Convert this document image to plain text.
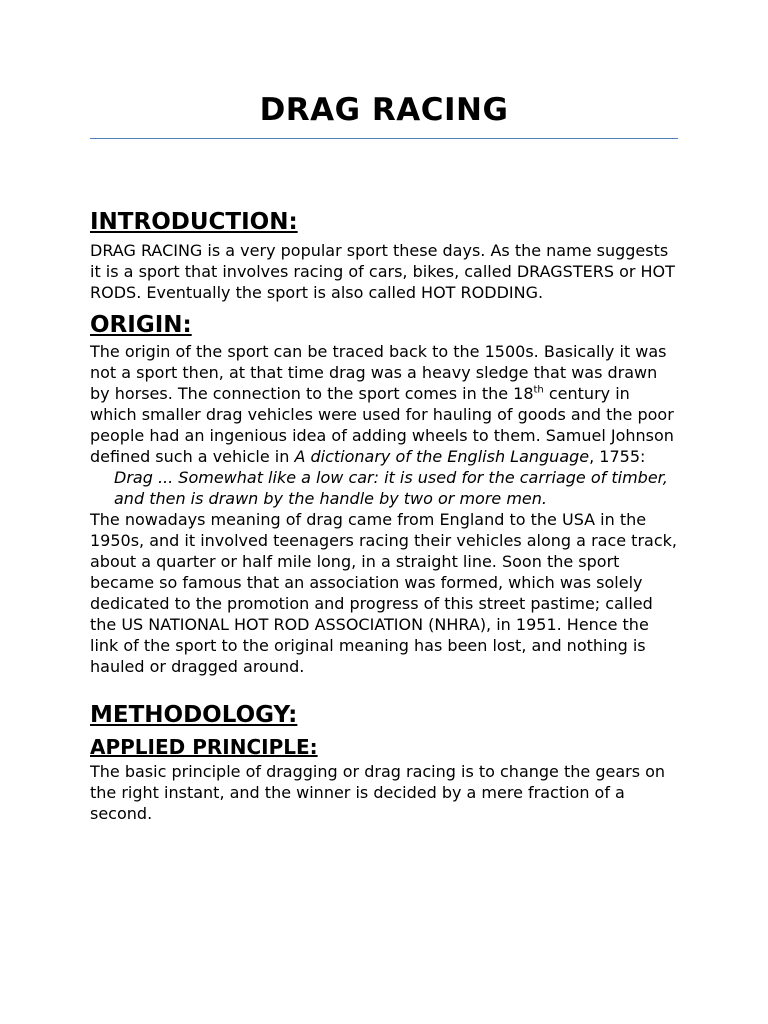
DRAG RACING
INTRODUCTION:

DRAG RACING is a very popular sport these days. As the name suggests it is a sport that involves racing of cars, bikes, called DRAGSTERS or HOT RODS. Eventually the sport is also called HOT RODDING.

ORIGIN:

The origin of the sport can be traced back to the 1500s. Basically it was not a sport then, at that time drag was a heavy sledge that was drawn by horses. The connection to the sport comes in the 18th century in which smaller drag vehicles were used for hauling of goods and the poor people had an ingenious idea of adding wheels to them. Samuel Johnson defined such a vehicle in A dictionary of the English Language, 1755:

Drag ... Somewhat like a low car: it is used for the carriage of timber, and then is drawn by the handle by two or more men.

The nowadays meaning of drag came from England to the USA in the 1950s, and it involved teenagers racing their vehicles along a race track, about a quarter or half mile long, in a straight line. Soon the sport became so famous that an association was formed, which was solely dedicated to the promotion and progress of this street pastime; called the US NATIONAL HOT ROD ASSOCIATION (NHRA), in 1951. Hence the link of the sport to the original meaning has been lost, and nothing is hauled or dragged around.

METHODOLOGY:
APPLIED PRINCIPLE:

The basic principle of dragging or drag racing is to change the gears on the right instant, and the winner is decided by a mere fraction of a second.
